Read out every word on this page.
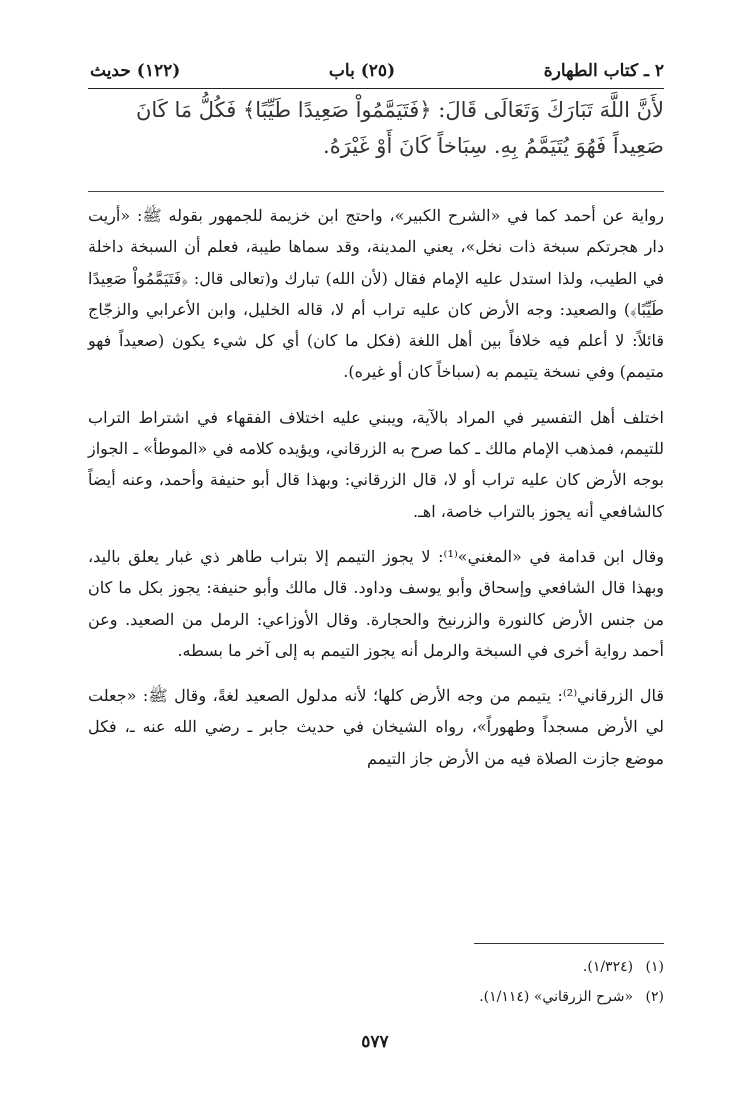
٢ ـ كتاب الطهارة
(٢٥) باب
(١٢٢) حديث

لأَنَّ اللَّهَ تَبَارَكَ وَتَعَالَى قَالَ: ﴿فَتَيَمَّمُواْ صَعِيدًا طَيِّبًا﴾ فَكُلُّ مَا كَانَ

صَعِيداً فَهُوَ يُتَيَمَّمُ بِهِ. سِبَاخاً كَانَ أَوْ غَيْرَهُ.

رواية عن أحمد كما في «الشرح الكبير»، واحتج ابن خزيمة للجمهور بقوله ﷺ: «أريت دار هجرتكم سبخة ذات نخل»، يعني المدينة، وقد سماها طيبة، فعلم أن السبخة داخلة في الطيب، ولذا استدل عليه الإمام فقال (لأن الله) تبارك و(تعالى قال: ﴿فَتَيَمَّمُواْ صَعِيدًا طَيِّبًا﴾) والصعيد: وجه الأرض كان عليه تراب أم لا، قاله الخليل، وابن الأعرابي والزجّاج قائلاً: لا أعلم فيه خلافاً بين أهل اللغة (فكل ما كان) أي كل شيء يكون (صعيداً فهو متيمم) وفي نسخة يتيمم به (سباخاً كان أو غيره).

اختلف أهل التفسير في المراد بالآية، ويبني عليه اختلاف الفقهاء في اشتراط التراب للتيمم، فمذهب الإمام مالك ـ كما صرح به الزرقاني، ويؤيده كلامه في «الموطأ» ـ الجواز بوجه الأرض كان عليه تراب أو لا، قال الزرقاني: وبهذا قال أبو حنيفة وأحمد، وعنه أيضاً كالشافعي أنه يجوز بالتراب خاصة، اهـ.

وقال ابن قدامة في «المغني»⁽¹⁾: لا يجوز التيمم إلا بتراب طاهر ذي غبار يعلق باليد، وبهذا قال الشافعي وإسحاق وأبو يوسف وداود. قال مالك وأبو حنيفة: يجوز بكل ما كان من جنس الأرض كالنورة والزرنيخ والحجارة. وقال الأوزاعي: الرمل من الصعيد. وعن أحمد رواية أخرى في السبخة والرمل أنه يجوز التيمم به إلى آخر ما بسطه.

قال الزرقاني⁽²⁾: يتيمم من وجه الأرض كلها؛ لأنه مدلول الصعيد لغةً، وقال ﷺ: «جعلت لي الأرض مسجداً وطهوراً»، رواه الشيخان في حديث جابر ـ رضي الله عنه ـ، فكل موضع جازت الصلاة فيه من الأرض جاز التيمم

(١) (١/٣٢٤).

(٢) «شرح الزرقاني» (١/١١٤).

٥٧٧
